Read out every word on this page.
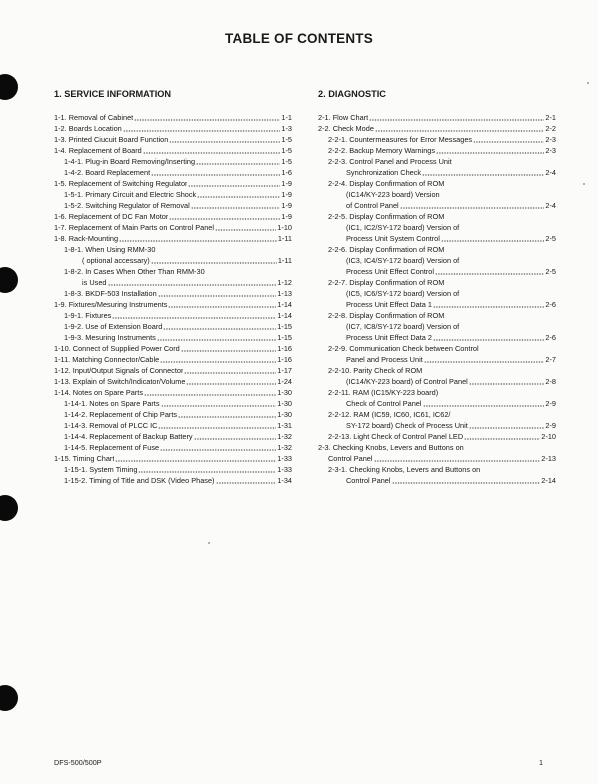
TABLE OF CONTENTS
1. SERVICE INFORMATION
1-1. Removal of Cabinet	1-1
1-2. Boards Location	1-3
1-3. Printed Ciucuit Board Function	1-5
1-4. Replacement of Board	1-5
1-4-1. Plug-in Board Removing/Inserting	1-5
1-4-2. Board Replacement	1-6
1-5. Replacement of Switching Regulator	1-9
1-5-1. Primary Circuit and Electric Shock	1-9
1-5-2. Switching Regulator of Removal	1-9
1-6. Replacement of DC Fan Motor	1-9
1-7. Replacement of Main Parts on Control Panel	1-10
1-8. Rack-Mounting	1-11
1-8-1. When Using RMM-30
( optional accessary)	1-11
1-8-2. In Cases When Other Than RMM-30
is Used	1-12
1-8-3. BKDF-503 Installation	1-13
1-9. Fixtures/Mesuring Instruments	1-14
1-9-1. Fixtures	1-14
1-9-2. Use of Extension Board	1-15
1-9-3. Mesuring Instruments	1-15
1-10. Connect of Supplied Power Cord	1-16
1-11. Matching Connector/Cable	1-16
1-12. Input/Output Signals of Connector	1-17
1-13. Explain of Switch/Indicator/Volume	1-24
1-14. Notes on Spare Parts	1-30
1-14-1. Notes on Spare Parts	1-30
1-14-2. Replacement of Chip Parts	1-30
1-14-3. Removal of PLCC IC	1-31
1-14-4. Replacement of Backup Battery	1-32
1-14-5. Replacement of Fuse	1-32
1-15. Timing Chart	1-33
1-15-1. System Timing	1-33
1-15-2. Timing of Title and DSK (Video Phase)	1-34
2. DIAGNOSTIC
2-1. Flow Chart	2-1
2-2. Check Mode	2-2
2-2-1. Countermeasures for Error Messages	2-3
2-2-2. Backup Memory Warnings	2-3
2-2-3. Control Panel and Process Unit
Synchronization Check	2-4
2-2-4. Display Confirmation of ROM
(IC14/KY-223 board) Version
of Control Panel	2-4
2-2-5. Display Confirmation of ROM
(IC1, IC2/SY-172 board) Version of
Process Unit System Control	2-5
2-2-6. Display Confirmation of ROM
(IC3, IC4/SY-172 board) Version of
Process Unit Effect Control	2-5
2-2-7. Display Confirmation of ROM
(IC5, IC6/SY-172 board) Version of
Process Unit Effect Data 1	2-6
2-2-8. Display Confirmation of ROM
(IC7, IC8/SY-172 board) Version of
Process Unit Effect Data 2	2-6
2-2-9. Communication Check between Control
Panel and Process Unit	2-7
2-2-10. Parity Check of ROM
(IC14/KY-223 board) of Control Panel	2-8
2-2-11. RAM (IC15/KY-223 board)
Check of Control Panel	2-9
2-2-12. RAM (IC59, IC60, IC61, IC62/
SY-172 board) Check of Process Unit	2-9
2-2-13. Light Check of Control Panel LED	2-10
2-3. Checking Knobs, Levers and Buttons on
Control Panel	2-13
2-3-1. Checking Knobs, Levers and Buttons on
Control Panel	2-14
DFS-500/500P	1
